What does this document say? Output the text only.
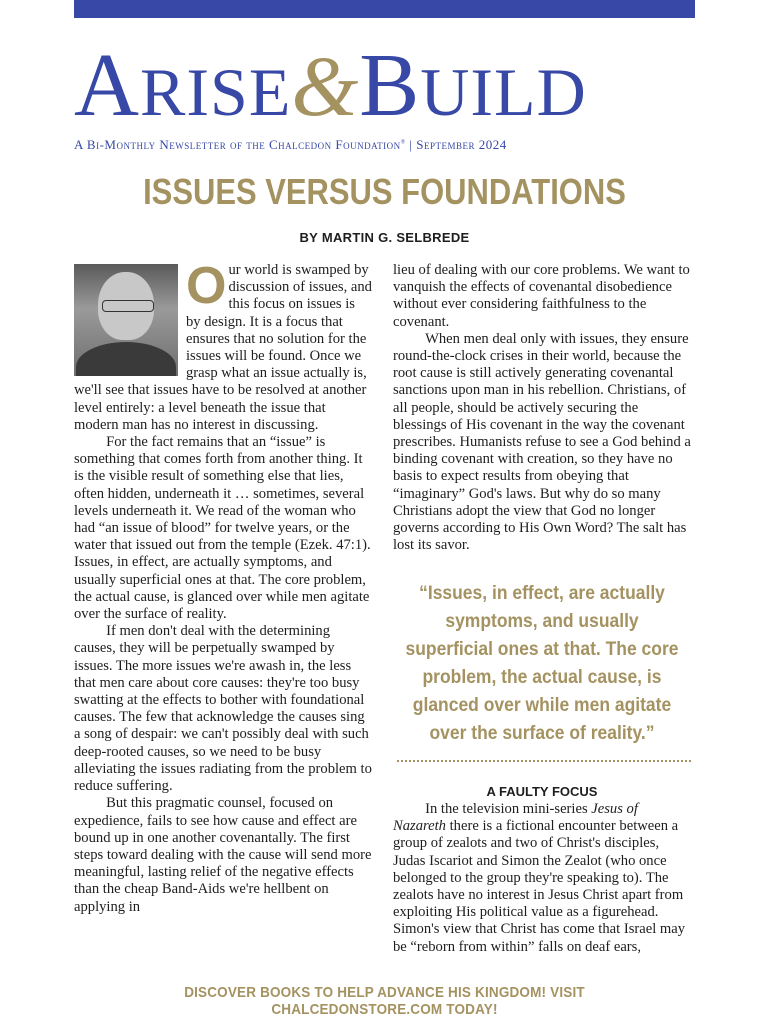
ARISE&BUILD
A Bi-Monthly Newsletter of the Chalcedon Foundation® | September 2024
ISSUES VERSUS FOUNDATIONS
BY MARTIN G. SELBREDE

Our world is swamped by discussion of issues, and this focus on issues is by design. It is a focus that ensures that no solution for the issues will be found. Once we grasp what an issue actually is, we'll see that issues have to be resolved at another level entirely: a level beneath the issue that modern man has no interest in discussing.

For the fact remains that an “issue” is something that comes forth from another thing. It is the visible result of something else that lies, often hidden, underneath it … sometimes, several levels underneath it. We read of the woman who had “an issue of blood” for twelve years, or the water that issued out from the temple (Ezek. 47:1). Issues, in effect, are actually symptoms, and usually superficial ones at that. The core problem, the actual cause, is glanced over while men agitate over the surface of reality.

If men don't deal with the determining causes, they will be perpetually swamped by issues. The more issues we're awash in, the less that men care about core causes: they're too busy swatting at the effects to bother with foundational causes. The few that acknowledge the causes sing a song of despair: we can't possibly deal with such deep-rooted causes, so we need to be busy alleviating the issues radiating from the problem to reduce suffering.

But this pragmatic counsel, focused on expedience, fails to see how cause and effect are bound up in one another covenantally. The first steps toward dealing with the cause will send more meaningful, lasting relief of the negative effects than the cheap Band-Aids we're hellbent on applying in

lieu of dealing with our core problems. We want to vanquish the effects of covenantal disobedience without ever considering faithfulness to the covenant.

When men deal only with issues, they ensure round-the-clock crises in their world, because the root cause is still actively generating covenantal sanctions upon man in his rebellion. Christians, of all people, should be actively securing the blessings of His covenant in the way the covenant prescribes. Humanists refuse to see a God behind a binding covenant with creation, so they have no basis to expect results from obeying that “imaginary” God's laws. But why do so many Christians adopt the view that God no longer governs according to His Own Word? The salt has lost its savor.

“Issues, in effect, are actually symptoms, and usually superficial ones at that. The core problem, the actual cause, is glanced over while men agitate over the surface of reality.”
A FAULTY FOCUS

In the television mini-series Jesus of Nazareth there is a fictional encounter between a group of zealots and two of Christ's disciples, Judas Iscariot and Simon the Zealot (who once belonged to the group they're speaking to). The zealots have no interest in Jesus Christ apart from exploiting His political value as a figurehead. Simon's view that Christ has come that Israel may be “reborn from within” falls on deaf ears,

DISCOVER BOOKS TO HELP ADVANCE HIS KINGDOM! VISIT CHALCEDONSTORE.COM TODAY!
